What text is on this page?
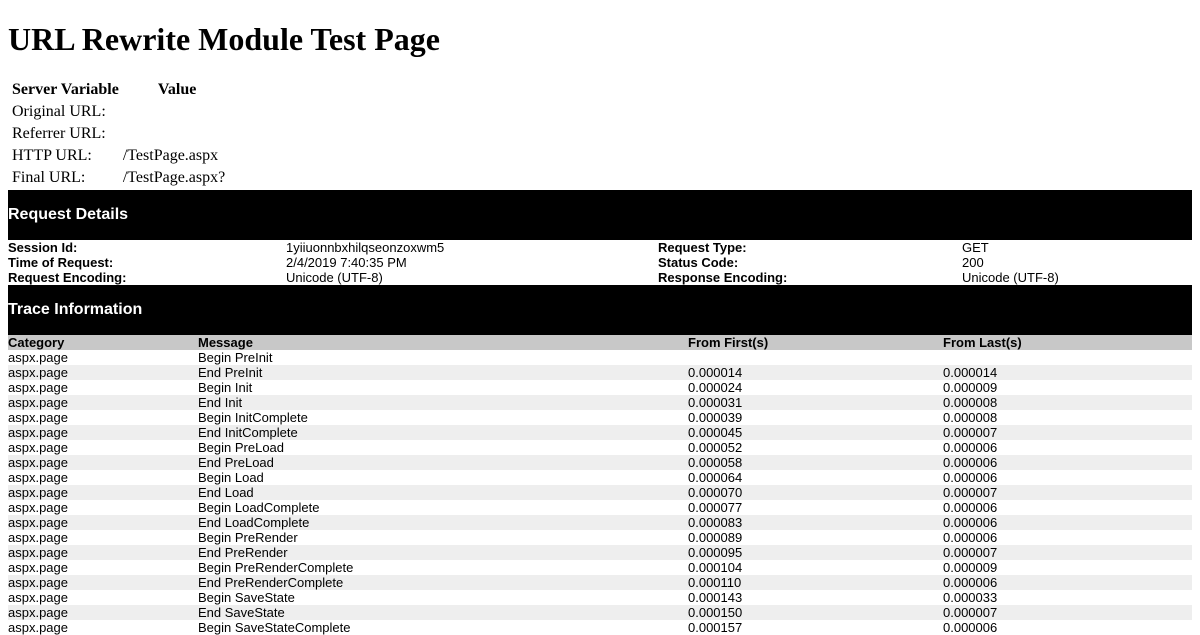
URL Rewrite Module Test Page
Server Variable	Value
Original URL:	
Referrer URL:	
HTTP URL:	/TestPage.aspx
Final URL:	/TestPage.aspx?
Request Details
Session Id:	1yiiuonnbxhilqseonzoxwm5	Request Type:	GET
Time of Request:	2/4/2019 7:40:35 PM	Status Code:	200
Request Encoding:	Unicode (UTF-8)	Response Encoding:	Unicode (UTF-8)
Trace Information
Category	Message	From First(s)	From Last(s)
aspx.page	Begin PreInit		
aspx.page	End PreInit	0.000014	0.000014
aspx.page	Begin Init	0.000024	0.000009
aspx.page	End Init	0.000031	0.000008
aspx.page	Begin InitComplete	0.000039	0.000008
aspx.page	End InitComplete	0.000045	0.000007
aspx.page	Begin PreLoad	0.000052	0.000006
aspx.page	End PreLoad	0.000058	0.000006
aspx.page	Begin Load	0.000064	0.000006
aspx.page	End Load	0.000070	0.000007
aspx.page	Begin LoadComplete	0.000077	0.000006
aspx.page	End LoadComplete	0.000083	0.000006
aspx.page	Begin PreRender	0.000089	0.000006
aspx.page	End PreRender	0.000095	0.000007
aspx.page	Begin PreRenderComplete	0.000104	0.000009
aspx.page	End PreRenderComplete	0.000110	0.000006
aspx.page	Begin SaveState	0.000143	0.000033
aspx.page	End SaveState	0.000150	0.000007
aspx.page	Begin SaveStateComplete	0.000157	0.000006
